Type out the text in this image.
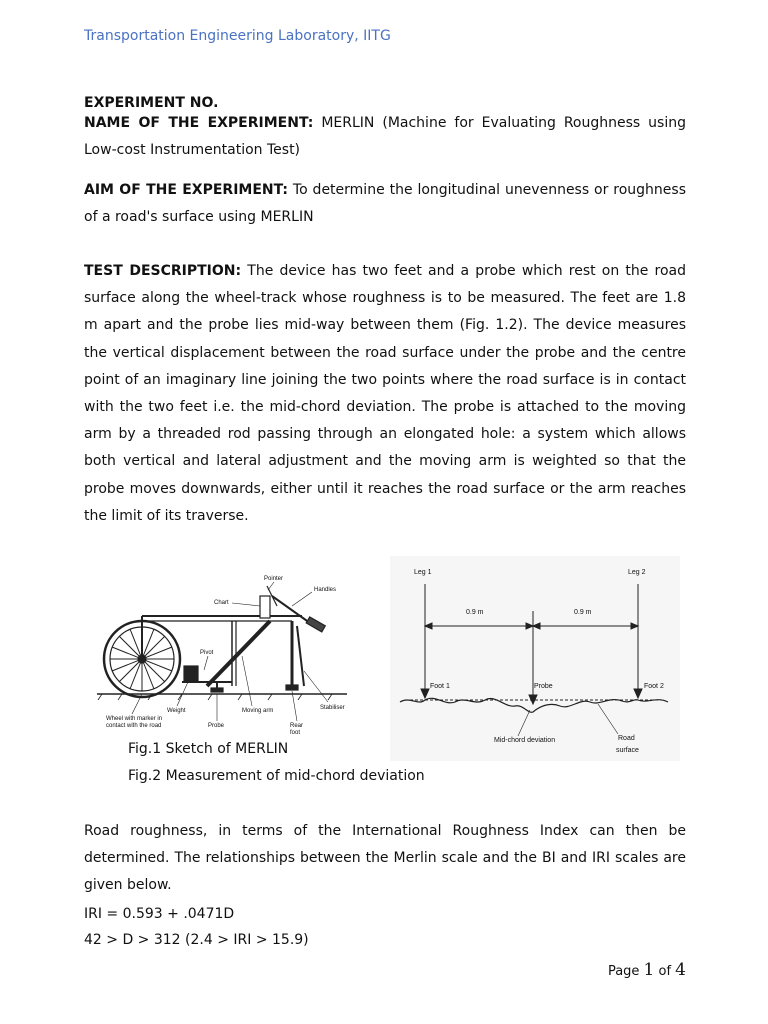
Transportation Engineering Laboratory, IITG
EXPERIMENT NO.

NAME OF THE EXPERIMENT: MERLIN (Machine for Evaluating Roughness using Low-cost Instrumentation Test)

AIM OF THE EXPERIMENT: To determine the longitudinal unevenness or roughness of a road's surface using MERLIN

TEST DESCRIPTION: The device has two feet and a probe which rest on the road surface along the wheel-track whose roughness is to be measured. The feet are 1.8 m apart and the probe lies mid-way between them (Fig. 1.2). The device measures the vertical displacement between the road surface under the probe and the centre point of an imaginary line joining the two points where the road surface is in contact with the two feet i.e. the mid-chord deviation. The probe is attached to the moving arm by a threaded rod passing through an elongated hole: a system which allows both vertical and lateral adjustment and the moving arm is weighted so that the probe moves downwards, either until it reaches the road surface or the arm reaches the limit of its traverse.

Pointer
Handles
Chart
Pivot
Weight	Moving arm	Stabiliser
Wheel with marker in
contact with the road	Probe	Rear
foot
Leg 1	Leg 2
0.9 m	0.9 m
Foot 1	Probe	Foot 2
Mid-chord deviation	Road
surface
Fig.1 Sketch of MERLIN
Fig.2 Measurement of mid-chord deviation

Road roughness, in terms of the International Roughness Index can then be determined. The relationships between the Merlin scale and the BI and IRI scales are given below.

IRI = 0.593 + .0471D
42 > D > 312 (2.4 > IRI > 15.9)
Page 1 of 4
